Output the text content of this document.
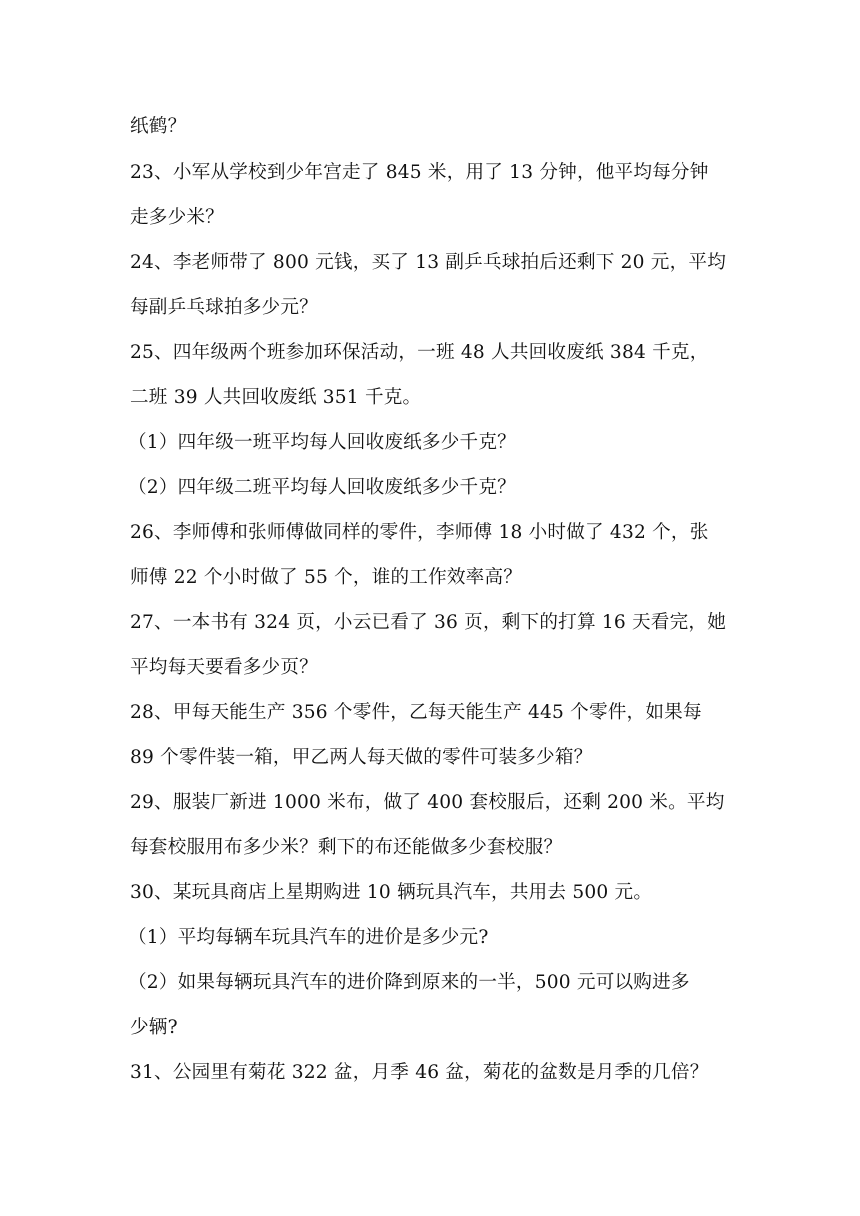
纸鹤？
23、小军从学校到少年宫走了 845 米，用了 13 分钟，他平均每分钟
走多少米？
24、李老师带了 800 元钱，买了 13 副乒乓球拍后还剩下 20 元，平均
每副乒乓球拍多少元？
25、四年级两个班参加环保活动，一班 48 人共回收废纸 384 千克，
二班 39 人共回收废纸 351 千克。
（1）四年级一班平均每人回收废纸多少千克？
（2）四年级二班平均每人回收废纸多少千克？
26、李师傅和张师傅做同样的零件，李师傅 18 小时做了 432 个，张
师傅 22 个小时做了 55 个，谁的工作效率高？
27、一本书有 324 页，小云已看了 36 页，剩下的打算 16 天看完，她
平均每天要看多少页？
28、甲每天能生产 356 个零件，乙每天能生产 445 个零件，如果每
89 个零件装一箱，甲乙两人每天做的零件可装多少箱？
29、服装厂新进 1000 米布，做了 400 套校服后，还剩 200 米。平均
每套校服用布多少米？剩下的布还能做多少套校服？
30、某玩具商店上星期购进 10 辆玩具汽车，共用去 500 元。
（1）平均每辆车玩具汽车的进价是多少元?
（2）如果每辆玩具汽车的进价降到原来的一半，500 元可以购进多
少辆?
31、公园里有菊花 322 盆，月季 46 盆，菊花的盆数是月季的几倍？
